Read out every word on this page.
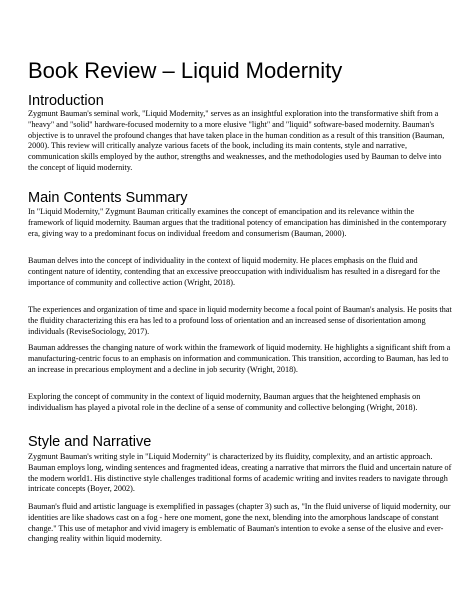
Book Review – Liquid Modernity
Introduction

Zygmunt Bauman's seminal work, "Liquid Modernity," serves as an insightful exploration into the transformative shift from a "heavy" and "solid" hardware-focused modernity to a more elusive "light" and "liquid" software-based modernity. Bauman's objective is to unravel the profound changes that have taken place in the human condition as a result of this transition (Bauman, 2000). This review will critically analyze various facets of the book, including its main contents, style and narrative, communication skills employed by the author, strengths and weaknesses, and the methodologies used by Bauman to delve into the concept of liquid modernity.

Main Contents Summary

In "Liquid Modernity," Zygmunt Bauman critically examines the concept of emancipation and its relevance within the framework of liquid modernity. Bauman argues that the traditional potency of emancipation has diminished in the contemporary era, giving way to a predominant focus on individual freedom and consumerism (Bauman, 2000).

Bauman delves into the concept of individuality in the context of liquid modernity. He places emphasis on the fluid and contingent nature of identity, contending that an excessive preoccupation with individualism has resulted in a disregard for the importance of community and collective action (Wright, 2018).

The experiences and organization of time and space in liquid modernity become a focal point of Bauman's analysis. He posits that the fluidity characterizing this era has led to a profound loss of orientation and an increased sense of disorientation among individuals (ReviseSociology, 2017).

Bauman addresses the changing nature of work within the framework of liquid modernity. He highlights a significant shift from a manufacturing-centric focus to an emphasis on information and communication. This transition, according to Bauman, has led to an increase in precarious employment and a decline in job security (Wright, 2018).

Exploring the concept of community in the context of liquid modernity, Bauman argues that the heightened emphasis on individualism has played a pivotal role in the decline of a sense of community and collective belonging (Wright, 2018).

Style and Narrative

Zygmunt Bauman's writing style in "Liquid Modernity" is characterized by its fluidity, complexity, and an artistic approach. Bauman employs long, winding sentences and fragmented ideas, creating a narrative that mirrors the fluid and uncertain nature of the modern world1. His distinctive style challenges traditional forms of academic writing and invites readers to navigate through intricate concepts (Boyer, 2002).

Bauman's fluid and artistic language is exemplified in passages (chapter 3) such as, "In the fluid universe of liquid modernity, our identities are like shadows cast on a fog - here one moment, gone the next, blending into the amorphous landscape of constant change." This use of metaphor and vivid imagery is emblematic of Bauman's intention to evoke a sense of the elusive and ever-changing reality within liquid modernity.
